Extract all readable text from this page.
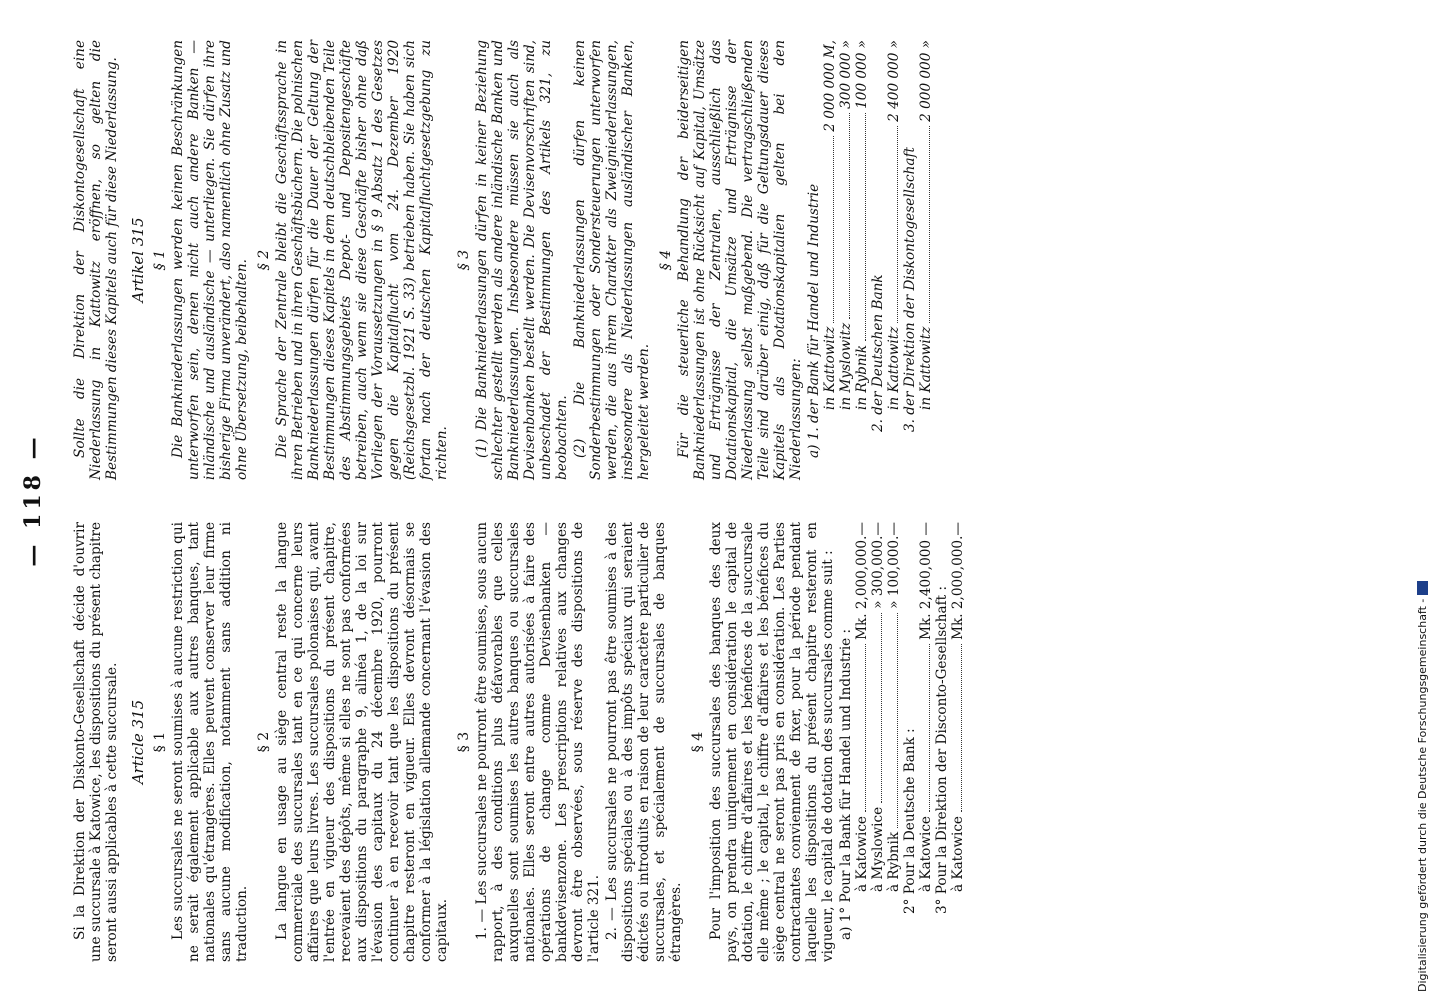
— 118 —

Si la Direktion der Diskonto-Gesellschaft décide d'ouvrir une succursale à Katowice, les dispositions du présent chapitre seront aussi applicables à cette succursale. Article 315 § 1 Les succursales ne seront soumises à aucune restriction qui ne serait également applicable aux autres banques, tant nationales qu'étrangères. Elles peuvent conserver leur firme sans aucune modification, notamment sans addition ni traduction.

§ 2 La langue en usage au siège central reste la langue commerciale des succursales tant en ce qui concerne leurs affaires que leurs livres. Les succursales polonaises qui, avant l'entrée en vigueur des dispositions du présent chapitre, recevaient des dépôts, même si elles ne sont pas conformées aux dispositions du paragraphe 9, alinéa 1, de la loi sur l'évasion des capitaux du 24 décembre 1920, pourront continuer à en recevoir tant que les dispositions du présent chapitre resteront en vigueur. Elles devront désormais se conformer à la législation allemande concernant l'évasion des capitaux.

§ 3 1. — Les succursales ne pourront être soumises, sous aucun rapport, à des conditions plus défavorables que celles auxquelles sont soumises les autres banques ou succursales nationales. Elles seront entre autres autorisées à faire des opérations de change comme Devisenbanken — bankdevisenzone. Les prescriptions relatives aux changes devront être observées, sous réserve des dispositions de l'article 321. 2. — Les succursales ne pourront pas être soumises à des dispositions spéciales ou à des impôts spéciaux qui seraient édictés ou introduits en raison de leur caractère particulier de succursales, et spécialement de succursales de banques étrangères.

§ 4 Pour l'imposition des succursales des banques des deux pays, on prendra uniquement en considération le capital de dotation, le chiffre d'affaires et les bénéfices de la succursale elle même ; le capital, le chiffre d'affaires et les bénéfices du siège central ne seront pas pris en considération. Les Parties contractantes conviennent de fixer, pour la période pendant laquelle les dispositions du présent chapitre resteront en vigueur, le capital de dotation des succursales comme suit : a) 1° Pour la Bank für Handel und Industrie : à Katowice
Mk. 2,000,000.—
à Myslowice
» 300,000.—
à Rybnik
» 100,000.—
2° Pour la Deutsche Bank : à Katowice
Mk. 2,400,000 —
3° Pour la Direktion der Disconto-Gesellschaft : à Katowice
Mk. 2,000,000.—

Sollte die Direktion der Diskontogesellschaft eine Niederlassung in Kattowitz eröffnen, so gelten die Bestimmungen dieses Kapitels auch für diese Niederlassung. Artikel 315 § 1 Die Bankniederlassungen werden keinen Beschränkungen unterworfen sein, denen nicht auch andere Banken — inländische und ausländische — unterliegen. Sie dürfen ihre bisherige Firma unverändert, also namentlich ohne Zusatz und ohne Übersetzung, beibehalten. § 2 Die Sprache der Zentrale bleibt die Geschäftssprache in ihren Betrieben und in ihren Geschäftsbüchern. Die polnischen Bankniederlassungen dürfen für die Dauer der Geltung der Bestimmungen dieses Kapitels in dem deutschbleibenden Teile des Abstimmungsgebiets Depot- und Depositengeschäfte betreiben, auch wenn sie diese Geschäfte bisher ohne daß Vorliegen der Voraussetzungen in § 9 Absatz 1 des Gesetzes gegen die Kapitalflucht vom 24. Dezember 1920 (Reichsgesetzbl. 1921 S. 33) betrieben haben. Sie haben sich fortan nach der deutschen Kapitalfluchtgesetzgebung zu richten.

§ 3 (1) Die Bankniederlassungen dürfen in keiner Beziehung schlechter gestellt werden als andere inländische Banken und Bankniederlassungen. Insbesondere müssen sie auch als Devisenbanken bestellt werden. Die Devisenvorschriften sind, unbeschadet der Bestimmungen des Artikels 321, zu beobachten. (2) Die Bankniederlassungen dürfen keinen Sonderbestimmungen oder Sondersteuerungen unterworfen werden, die aus ihrem Charakter als Zweigniederlassungen, insbesondere als Niederlassungen ausländischer Banken, hergeleitet werden.

§ 4 Für die steuerliche Behandlung der beiderseitigen Bankniederlassungen ist ohne Rücksicht auf Kapital, Umsätze und Erträgnisse der Zentralen, ausschließlich das Dotationskapital, die Umsätze und Erträgnisse der Niederlassung selbst maßgebend. Die vertragschließenden Teile sind darüber einig, daß für die Geltungsdauer dieses Kapitels als Dotationskapitalien gelten bei den Niederlassungen: a) 1. der Bank für Handel und Industrie in Kattowitz
2 000 000 M,
in Myslowitz
300 000 »
in Rybnik
100 000 »
2. der Deutschen Bank in Kattowitz
2 400 000 »
3. der Direktion der Diskontogesellschaft in Kattowitz
2 000 000 »
Digitalisierung gefördert durch die Deutsche Forschungsgemeinschaft -
